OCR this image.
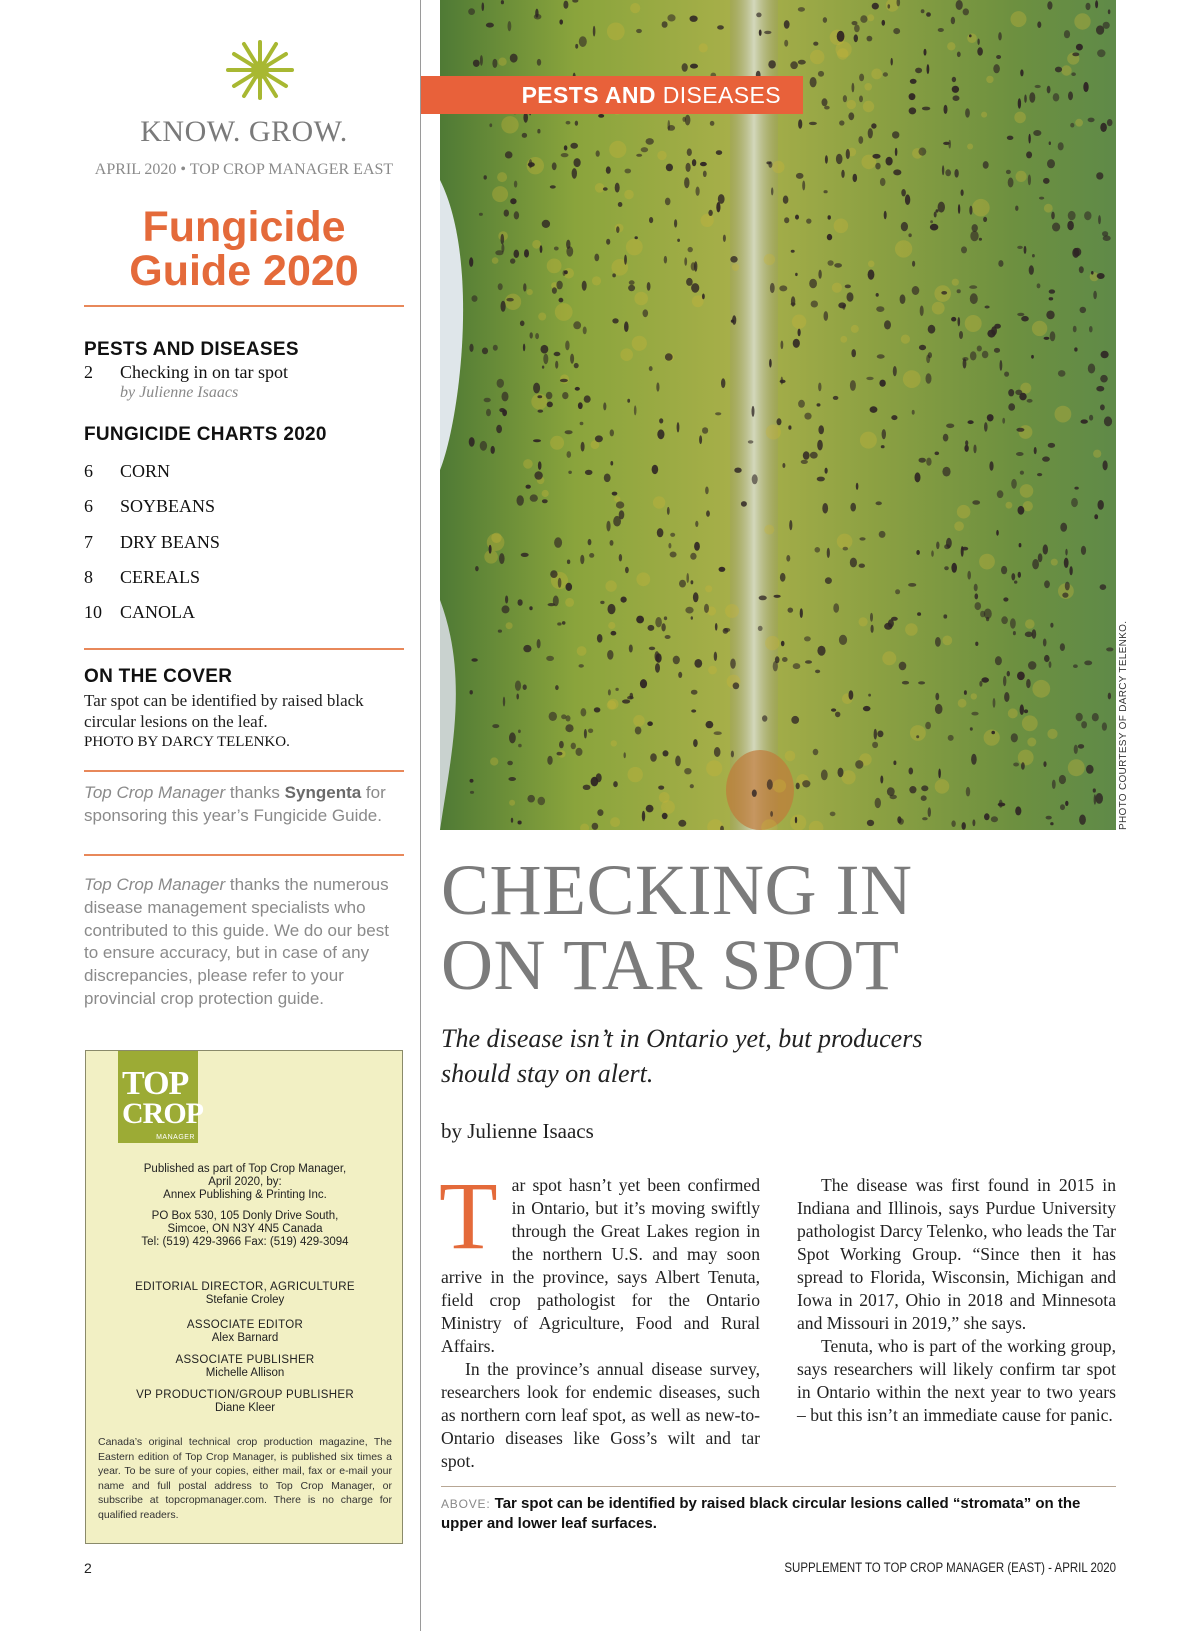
KNOW. GROW.
APRIL 2020 • TOP CROP MANAGER EAST
Fungicide
Guide 2020
PESTS AND DISEASES
2 Checking in on tar spot
by Julienne Isaacs
FUNGICIDE CHARTS 2020
6 CORN
6 SOYBEANS
7 DRY BEANS
8 CEREALS
10 CANOLA
ON THE COVER
Tar spot can be identified by raised black circular lesions on the leaf.
PHOTO BY DARCY TELENKO.
Top Crop Manager thanks Syngenta for sponsoring this year’s Fungicide Guide.
Top Crop Manager thanks the numerous disease management specialists who contributed to this guide. We do our best to ensure accuracy, but in case of any discrepancies, please refer to your provincial crop protection guide.
TOP
CROP
MANAGER
Published as part of Top Crop Manager,
April 2020, by:
Annex Publishing & Printing Inc.
PO Box 530, 105 Donly Drive South,
Simcoe, ON N3Y 4N5 Canada
Tel: (519) 429-3966 Fax: (519) 429-3094
EDITORIAL DIRECTOR, AGRICULTURE
Stefanie Croley
ASSOCIATE EDITOR
Alex Barnard
ASSOCIATE PUBLISHER
Michelle Allison
VP PRODUCTION/GROUP PUBLISHER
Diane Kleer
Canada’s original technical crop production magazine, The Eastern edition of Top Crop Manager, is published six times a year. To be sure of your copies, either mail, fax or e-mail your name and full postal address to Top Crop Manager, or subscribe at topcropmanager.com. There is no charge for qualified readers.
2
PESTS AND DISEASES
PHOTO COURTESY OF DARCY TELENKO.
CHECKING IN
ON TAR SPOT
The disease isn’t in Ontario yet, but producers should stay on alert.
by Julienne Isaacs

Tar spot hasn’t yet been confirmed in Ontario, but it’s moving swiftly through the Great Lakes region in the northern U.S. and may soon arrive in the province, says Albert Tenuta, field crop pathologist for the Ontario Ministry of Agriculture, Food and Rural Affairs.

In the province’s annual disease survey, researchers look for endemic diseases, such as northern corn leaf spot, as well as new-to-Ontario diseases like Goss’s wilt and tar spot.

The disease was first found in 2015 in Indiana and Illinois, says Purdue University pathologist Darcy Telenko, who leads the Tar Spot Working Group. “Since then it has spread to Florida, Wisconsin, Michigan and Iowa in 2017, Ohio in 2018 and Minnesota and Missouri in 2019,” she says.

Tenuta, who is part of the working group, says researchers will likely confirm tar spot in Ontario within the next year to two years – but this isn’t an immediate cause for panic.

ABOVE: Tar spot can be identified by raised black circular lesions called “stromata” on the upper and lower leaf surfaces.
SUPPLEMENT TO TOP CROP MANAGER (EAST) - APRIL 2020
